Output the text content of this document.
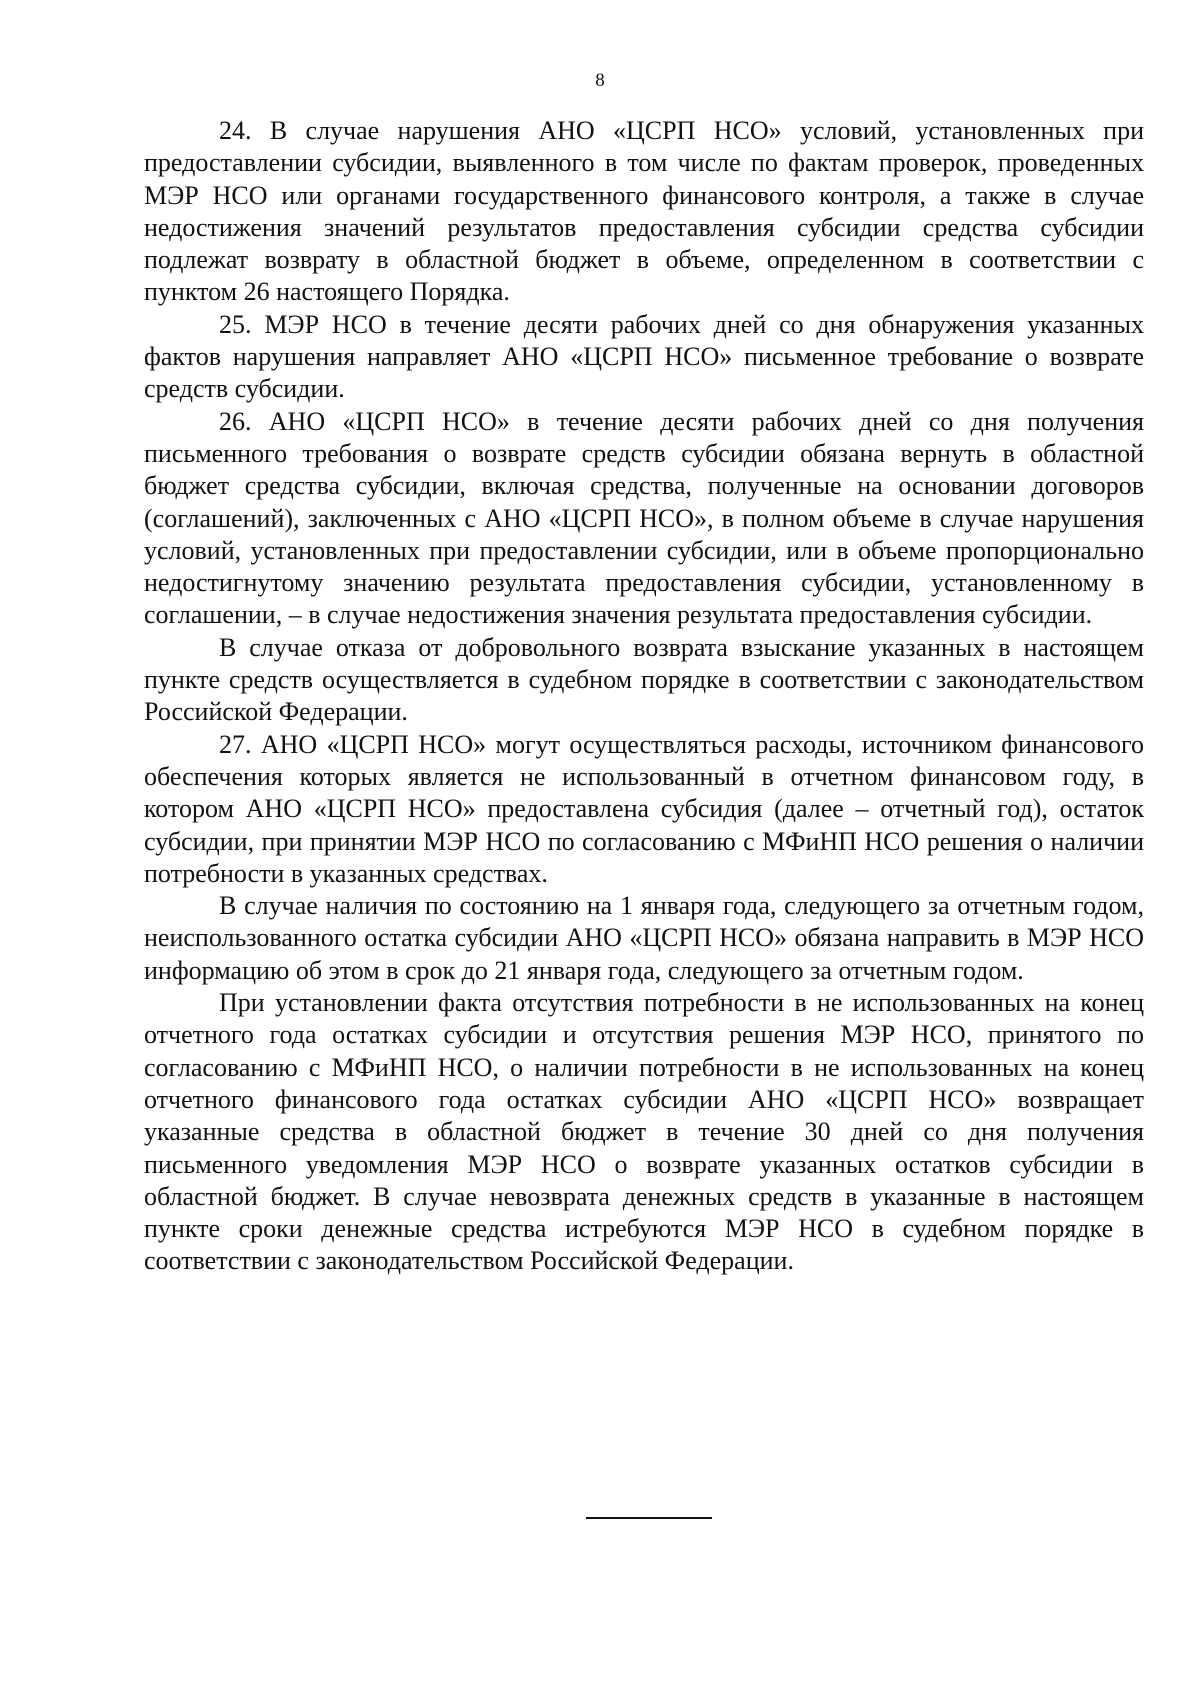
8

24. В случае нарушения АНО «ЦСРП НСО» условий, установленных при предоставлении субсидии, выявленного в том числе по фактам проверок, проведенных МЭР НСО или органами государственного финансового контроля, а также в случае недостижения значений результатов предоставления субсидии средства субсидии подлежат возврату в областной бюджет в объеме, определенном в соответствии с пунктом 26 настоящего Порядка.

25. МЭР НСО в течение десяти рабочих дней со дня обнаружения указанных фактов нарушения направляет АНО «ЦСРП НСО» письменное требование о возврате средств субсидии.

26. АНО «ЦСРП НСО» в течение десяти рабочих дней со дня получения письменного требования о возврате средств субсидии обязана вернуть в областной бюджет средства субсидии, включая средства, полученные на основании договоров (соглашений), заключенных с АНО «ЦСРП НСО», в полном объеме в случае нарушения условий, установленных при предоставлении субсидии, или в объеме пропорционально недостигнутому значению результата предоставления субсидии, установленному в соглашении, – в случае недостижения значения результата предоставления субсидии.

В случае отказа от добровольного возврата взыскание указанных в настоящем пункте средств осуществляется в судебном порядке в соответствии с законодательством Российской Федерации.

27. АНО «ЦСРП НСО» могут осуществляться расходы, источником финансового обеспечения которых является не использованный в отчетном финансовом году, в котором АНО «ЦСРП НСО» предоставлена субсидия (далее – отчетный год), остаток субсидии, при принятии МЭР НСО по согласованию с МФиНП НСО решения о наличии потребности в указанных средствах.

В случае наличия по состоянию на 1 января года, следующего за отчетным годом, неиспользованного остатка субсидии АНО «ЦСРП НСО» обязана направить в МЭР НСО информацию об этом в срок до 21 января года, следующего за отчетным годом.

При установлении факта отсутствия потребности в не использованных на конец отчетного года остатках субсидии и отсутствия решения МЭР НСО, принятого по согласованию с МФиНП НСО, о наличии потребности в не использованных на конец отчетного финансового года остатках субсидии АНО «ЦСРП НСО» возвращает указанные средства в областной бюджет в течение 30 дней со дня получения письменного уведомления МЭР НСО о возврате указанных остатков субсидии в областной бюджет. В случае невозврата денежных средств в указанные в настоящем пункте сроки денежные средства истребуются МЭР НСО в судебном порядке в соответствии с законодательством Российской Федерации.
